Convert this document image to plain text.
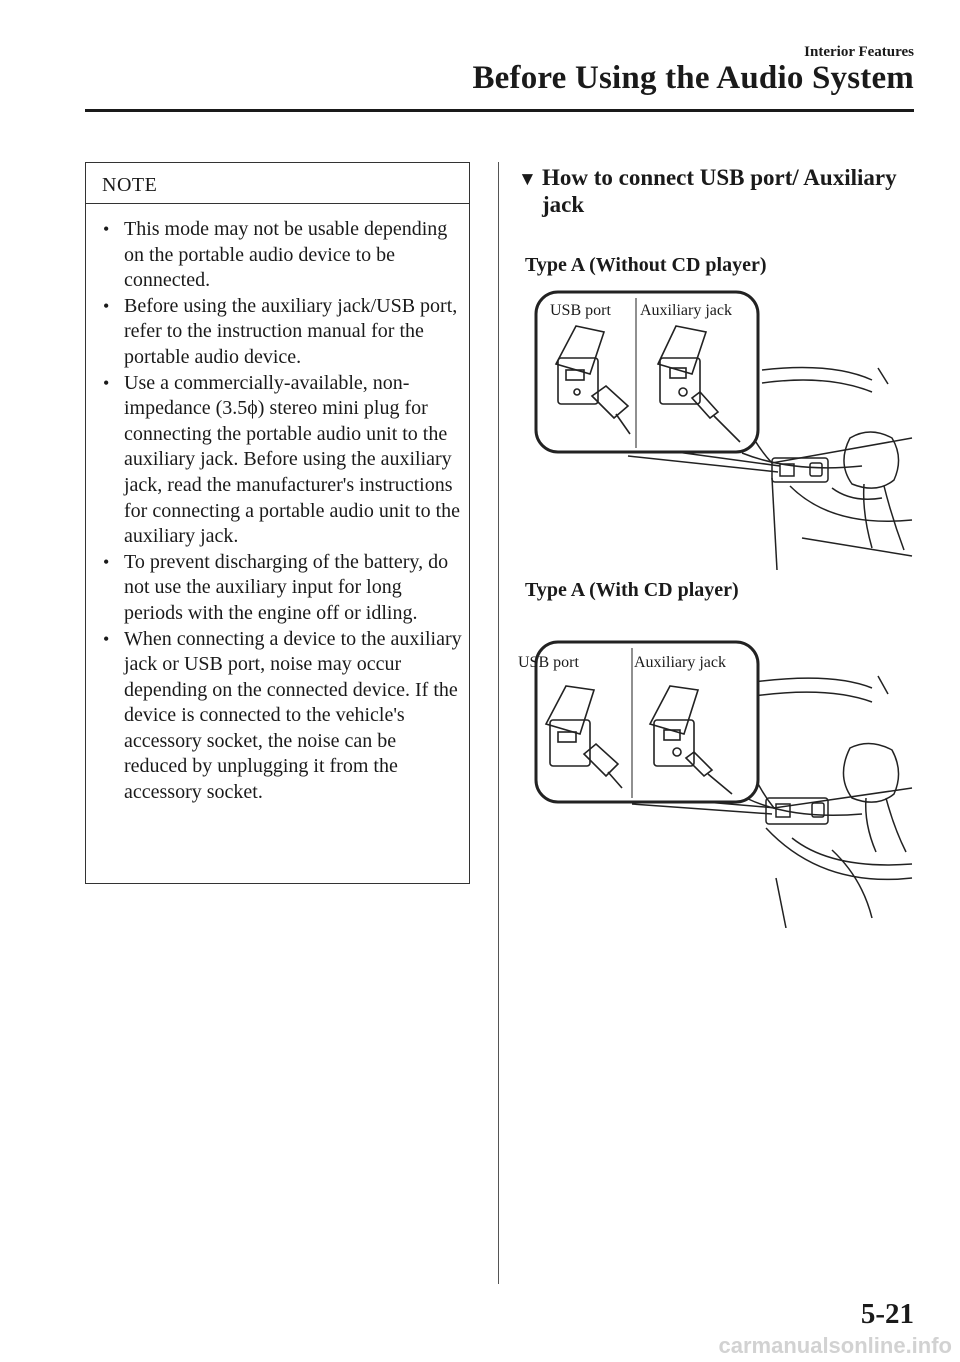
Interior Features
Before Using the Audio System
NOTE
• This mode may not be usable depending on the portable audio device to be connected.
• Before using the auxiliary jack/USB port, refer to the instruction manual for the portable audio device.
• Use a commercially-available, non-impedance (3.5ϕ) stereo mini plug for connecting the portable audio unit to the auxiliary jack. Before using the auxiliary jack, read the manufacturer's instructions for connecting a portable audio unit to the auxiliary jack.
• To prevent discharging of the battery, do not use the auxiliary input for long periods with the engine off or idling.
• When connecting a device to the auxiliary jack or USB port, noise may occur depending on the connected device. If the device is connected to the vehicle's accessory socket, the noise can be reduced by unplugging it from the accessory socket.
▼ How to connect USB port/ Auxiliary jack
Type A (Without CD player)
USB port Auxiliary jack
Type A (With CD player)
USB port	Auxiliary jack
5-21
carmanualsonline.info
